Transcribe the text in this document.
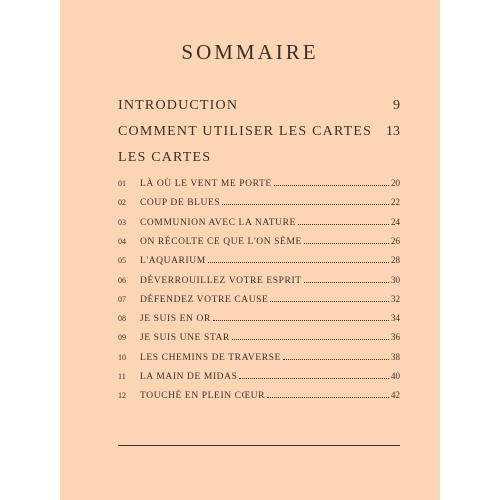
SOMMAIRE
INTRODUCTION	9
COMMENT UTILISER LES CARTES 13
LES CARTES
01	LÀ OÙ LE VENT ME PORTE	20
02	COUP DE BLUES	22
03	COMMUNION AVEC LA NATURE	24
04	ON RÉCOLTE CE QUE L'ON SÈME	26
05	L'AQUARIUM	28
06	DÉVERROUILLEZ VOTRE ESPRIT	30
07	DÉFENDEZ VOTRE CAUSE	32
08	JE SUIS EN OR	34
09	JE SUIS UNE STAR	36
10	LES CHEMINS DE TRAVERSE	38
11	LA MAIN DE MIDAS	40
12	TOUCHÉ EN PLEIN CŒUR	42
